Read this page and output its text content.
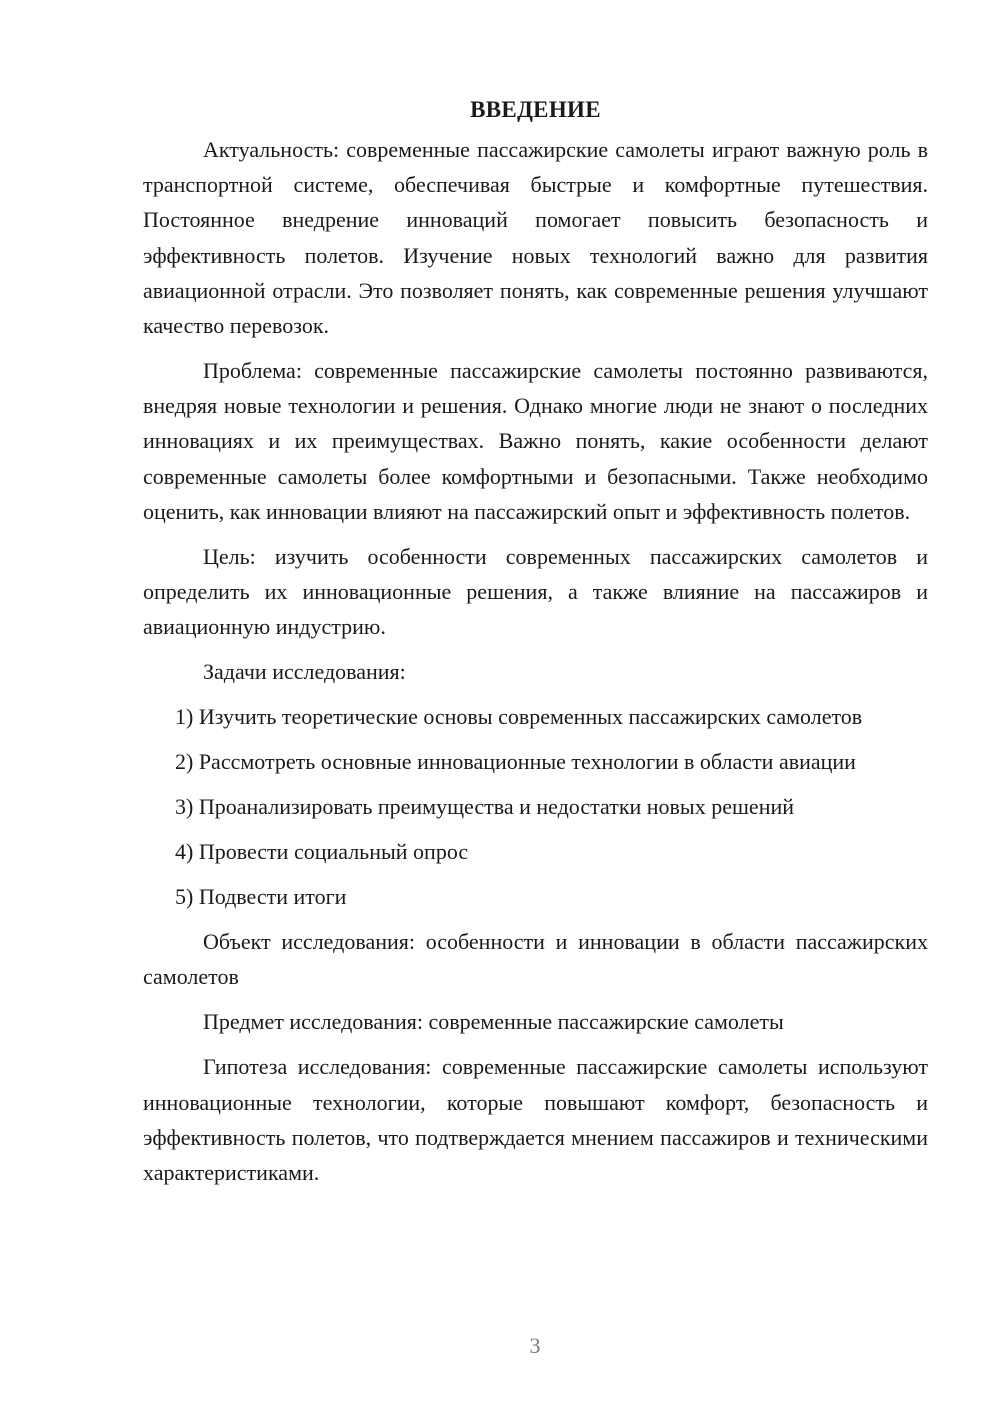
ВВЕДЕНИЕ

Актуальность: современные пассажирские самолеты играют важную роль в транспортной системе, обеспечивая быстрые и комфортные путешествия. Постоянное внедрение инноваций помогает повысить безопасность и эффективность полетов. Изучение новых технологий важно для развития авиационной отрасли. Это позволяет понять, как современные решения улучшают качество перевозок.

Проблема: современные пассажирские самолеты постоянно развиваются, внедряя новые технологии и решения. Однако многие люди не знают о последних инновациях и их преимуществах. Важно понять, какие особенности делают современные самолеты более комфортными и безопасными. Также необходимо оценить, как инновации влияют на пассажирский опыт и эффективность полетов.

Цель: изучить особенности современных пассажирских самолетов и определить их инновационные решения, а также влияние на пассажиров и авиационную индустрию.

Задачи исследования:

1) Изучить теоретические основы современных пассажирских самолетов

2) Рассмотреть основные инновационные технологии в области авиации

3) Проанализировать преимущества и недостатки новых решений

4) Провести социальный опрос

5) Подвести итоги

Объект исследования: особенности и инновации в области пассажирских самолетов

Предмет исследования: современные пассажирские самолеты

Гипотеза исследования: современные пассажирские самолеты используют инновационные технологии, которые повышают комфорт, безопасность и эффективность полетов, что подтверждается мнением пассажиров и техническими характеристиками.

3
